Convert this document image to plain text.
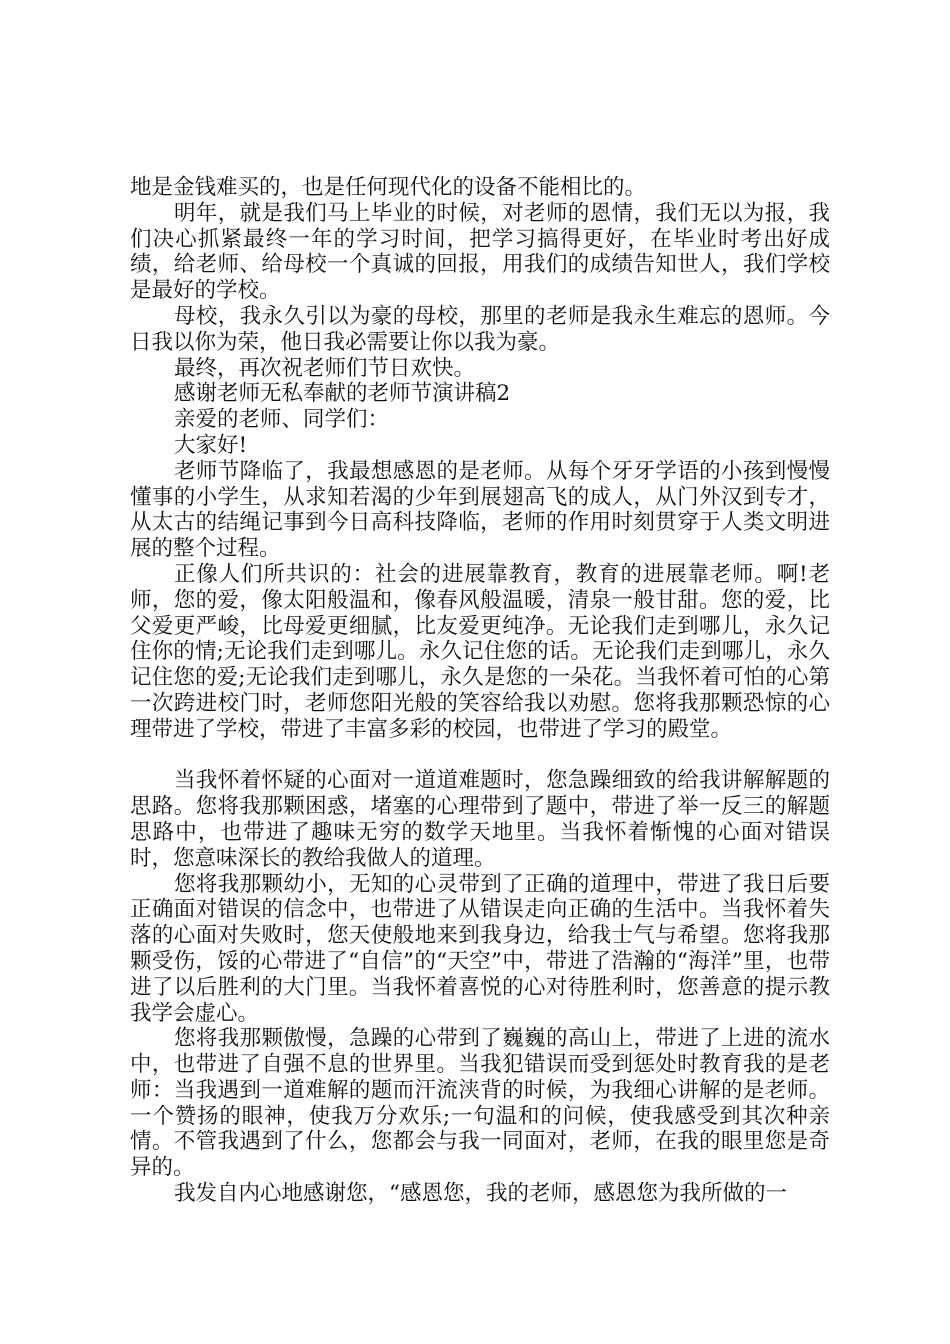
地是金钱难买的，也是任何现代化的设备不能相比的。

明年，就是我们马上毕业的时候，对老师的恩情，我们无以为报，我们决心抓紧最终一年的学习时间，把学习搞得更好，在毕业时考出好成绩，给老师、给母校一个真诚的回报，用我们的成绩告知世人，我们学校是最好的学校。

母校，我永久引以为豪的母校，那里的老师是我永生难忘的恩师。今日我以你为荣，他日我必需要让你以我为豪。

最终，再次祝老师们节日欢快。

感谢老师无私奉献的老师节演讲稿2

亲爱的老师、同学们：

大家好!

老师节降临了，我最想感恩的是老师。从每个牙牙学语的小孩到慢慢懂事的小学生，从求知若渴的少年到展翅高飞的成人，从门外汉到专才，从太古的结绳记事到今日高科技降临，老师的作用时刻贯穿于人类文明进展的整个过程。

正像人们所共识的：社会的进展靠教育，教育的进展靠老师。啊!老师，您的爱，像太阳般温和，像春风般温暖，清泉一般甘甜。您的爱，比父爱更严峻，比母爱更细腻，比友爱更纯净。无论我们走到哪儿，永久记住你的情;无论我们走到哪儿。永久记住您的话。无论我们走到哪儿，永久记住您的爱;无论我们走到哪儿，永久是您的一朵花。当我怀着可怕的心第一次跨进校门时，老师您阳光般的笑容给我以劝慰。您将我那颗恐惊的心理带进了学校，带进了丰富多彩的校园，也带进了学习的殿堂。

当我怀着怀疑的心面对一道道难题时，您急躁细致的给我讲解解题的思路。您将我那颗困惑，堵塞的心理带到了题中，带进了举一反三的解题思路中，也带进了趣味无穷的数学天地里。当我怀着惭愧的心面对错误时，您意味深长的教给我做人的道理。

您将我那颗幼小，无知的心灵带到了正确的道理中，带进了我日后要正确面对错误的信念中，也带进了从错误走向正确的生活中。当我怀着失落的心面对失败时，您天使般地来到我身边，给我士气与希望。您将我那颗受伤，馁的心带进了“自信”的“天空”中，带进了浩瀚的“海洋”里，也带进了以后胜利的大门里。当我怀着喜悦的心对待胜利时，您善意的提示教我学会虚心。

您将我那颗傲慢，急躁的心带到了巍巍的高山上，带进了上进的流水中，也带进了自强不息的世界里。当我犯错误而受到惩处时教育我的是老师：当我遇到一道难解的题而汗流浃背的时候，为我细心讲解的是老师。一个赞扬的眼神，使我万分欢乐;一句温和的问候，使我感受到其次种亲情。不管我遇到了什么，您都会与我一同面对，老师，在我的眼里您是奇异的。

我发自内心地感谢您，“感恩您，我的老师，感恩您为我所做的一
